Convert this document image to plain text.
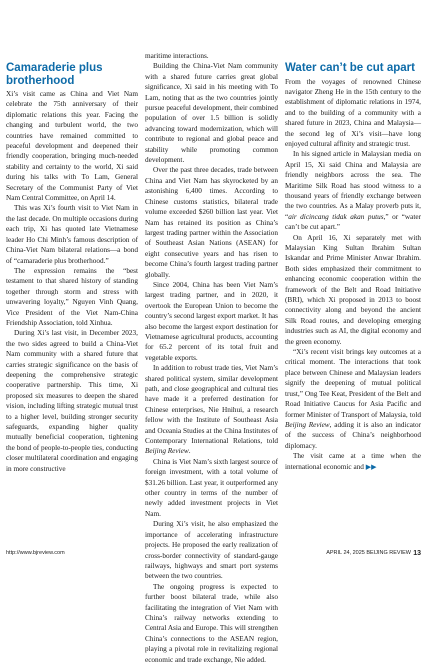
Camaraderie plus brotherhood

Xi’s visit came as China and Viet Nam celebrate the 75th anniversary of their diplomatic relations this year. Facing the changing and turbulent world, the two countries have remained committed to peaceful development and deepened their friendly cooperation, bringing much-needed stability and certainty to the world, Xi said during his talks with To Lam, General Secretary of the Communist Party of Viet Nam Central Committee, on April 14.

This was Xi’s fourth visit to Viet Nam in the last decade. On multiple occasions during each trip, Xi has quoted late Vietnamese leader Ho Chi Minh’s famous description of China-Viet Nam bilateral relations—a bond of “camaraderie plus brotherhood.”

The expression remains the “best testament to that shared history of standing together through storm and stress with unwavering loyalty,” Nguyen Vinh Quang, Vice President of the Viet Nam-China Friendship Association, told Xinhua.

During Xi’s last visit, in December 2023, the two sides agreed to build a China-Viet Nam community with a shared future that carries strategic significance on the basis of deepening the comprehensive strategic cooperative partnership. This time, Xi proposed six measures to deepen the shared vision, including lifting strategic mutual trust to a higher level, building stronger security safeguards, expanding higher quality mutually beneficial cooperation, tightening the bond of people-to-people ties, conducting closer multilateral coordination and engaging in more constructive

maritime interactions.

Building the China-Viet Nam community with a shared future carries great global significance, Xi said in his meeting with To Lam, noting that as the two countries jointly pursue peaceful development, their combined population of over 1.5 billion is solidly advancing toward modernization, which will contribute to regional and global peace and stability while promoting common development.

Over the past three decades, trade between China and Viet Nam has skyrocketed by an astonishing 6,400 times. According to Chinese customs statistics, bilateral trade volume exceeded $260 billion last year. Viet Nam has retained its position as China’s largest trading partner within the Association of Southeast Asian Nations (ASEAN) for eight consecutive years and has risen to become China’s fourth largest trading partner globally.

Since 2004, China has been Viet Nam’s largest trading partner, and in 2020, it overtook the European Union to become the country’s second largest export market. It has also become the largest export destination for Vietnamese agricultural products, accounting for 65.2 percent of its total fruit and vegetable exports.

In addition to robust trade ties, Viet Nam’s shared political system, similar development path, and close geographical and cultural ties have made it a preferred destination for Chinese enterprises, Nie Hnihui, a research fellow with the Institute of Southeast Asia and Oceania Studies at the China Institutes of Contemporary International Relations, told Beijing Review.

China is Viet Nam’s sixth largest source of foreign investment, with a total volume of $31.26 billion. Last year, it outperformed any other country in terms of the number of newly added investment projects in Viet Nam.

During Xi’s visit, he also emphasized the importance of accelerating infrastructure projects. He proposed the early realization of cross-border connectivity of standard-gauge railways, highways and smart port systems between the two countries.

The ongoing progress is expected to further boost bilateral trade, while also facilitating the integration of Viet Nam with China’s railway networks extending to Central Asia and Europe. This will strengthen China’s connections to the ASEAN region, playing a pivotal role in revitalizing regional economic and trade exchange, Nie added.

Water can’t be cut apart

From the voyages of renowned Chinese navigator Zheng He in the 15th century to the establishment of diplomatic relations in 1974, and to the building of a community with a shared future in 2023, China and Malaysia—the second leg of Xi’s visit—have long enjoyed cultural affinity and strategic trust.

In his signed article in Malaysian media on April 15, Xi said China and Malaysia are friendly neighbors across the sea. The Maritime Silk Road has stood witness to a thousand years of friendly exchange between the two countries. As a Malay proverb puts it, “air dicincang tidak akan putus,” or “water can’t be cut apart.”

On April 16, Xi separately met with Malaysian King Sultan Ibrahim Sultan Iskandar and Prime Minister Anwar Ibrahim. Both sides emphasized their commitment to enhancing economic cooperation within the framework of the Belt and Road Initiative (BRI), which Xi proposed in 2013 to boost connectivity along and beyond the ancient Silk Road routes, and developing emerging industries such as AI, the digital economy and the green economy.

“Xi’s recent visit brings key outcomes at a critical moment. The interactions that took place between Chinese and Malaysian leaders signify the deepening of mutual political trust,” Ong Tee Keat, President of the Belt and Road Initiative Caucus for Asia Pacific and former Minister of Transport of Malaysia, told Beijing Review, adding it is also an indicator of the success of China’s neighborhood diplomacy.

The visit came at a time when the international economic and ▶▶

http://www.bjreview.com	APRIL 24, 2025 BEIJING REVIEW 13
